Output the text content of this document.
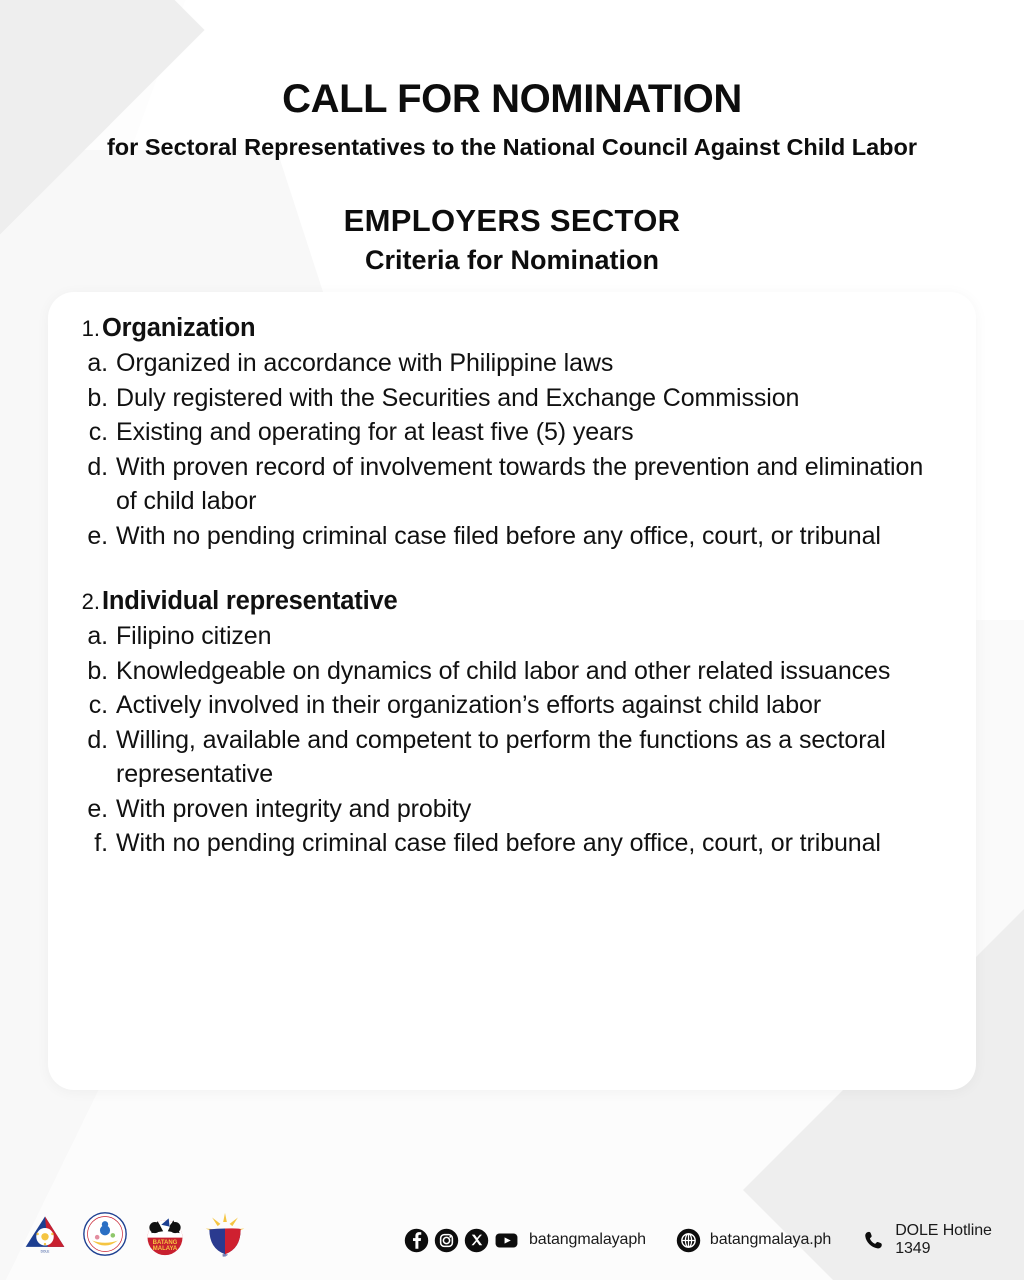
CALL FOR NOMINATION
for Sectoral Representatives to the National Council Against Child Labor
EMPLOYERS SECTOR
Criteria for Nomination
1. Organization
a. Organized in accordance with Philippine laws
b. Duly registered with the Securities and Exchange Commission
c. Existing and operating for at least five (5) years
d. With proven record of involvement towards the prevention and elimination of child labor
e. With no pending criminal case filed before any office, court, or tribunal
2. Individual representative
a. Filipino citizen
b. Knowledgeable on dynamics of child labor and other related issuances
c. Actively involved in their organization’s efforts against child labor
d. Willing, available and competent to perform the functions as a sectoral representative
e. With proven integrity and probity
f. With no pending criminal case filed before any office, court, or tribunal
DOLE
BATANG
MALAYA
BP
batangmalayaph	batangmalaya.ph
DOLE Hotline 1349
